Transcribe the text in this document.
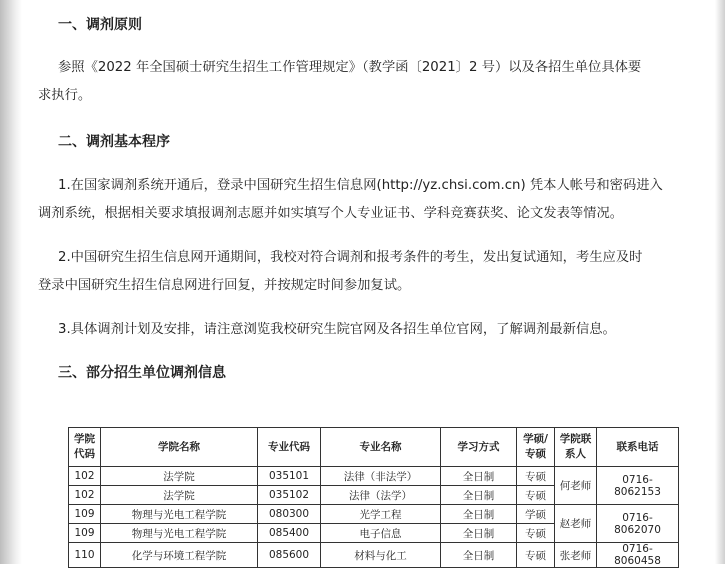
一、调剂原则
参照《2022 年全国硕士研究生招生工作管理规定》（教学函〔2021〕2 号）以及各招生单位具体要
求执行。
二、调剂基本程序
1.在国家调剂系统开通后，登录中国研究生招生信息网(http://yz.chsi.com.cn) 凭本人帐号和密码进入
调剂系统，根据相关要求填报调剂志愿并如实填写个人专业证书、学科竞赛获奖、论文发表等情况。
2.中国研究生招生信息网开通期间，我校对符合调剂和报考条件的考生，发出复试通知，考生应及时
登录中国研究生招生信息网进行回复，并按规定时间参加复试。
3.具体调剂计划及安排，请注意浏览我校研究生院官网及各招生单位官网，了解调剂最新信息。
三、部分招生单位调剂信息
学院代码	学院名称	专业代码	专业名称	学习方式	学硕/专硕	学院联系人	联系电话
102	法学院	035101	法律（非法学）	全日制	专硕	何老师	0716-8062153
102	法学院	035102	法律（法学）	全日制	专硕		
109	物理与光电工程学院	080300	光学工程	全日制	学硕	赵老师	0716-8062070
109	物理与光电工程学院	085400	电子信息	全日制	专硕		
110	化学与环境工程学院	085600	材料与化工	全日制	专硕	张老师	0716-8060458
